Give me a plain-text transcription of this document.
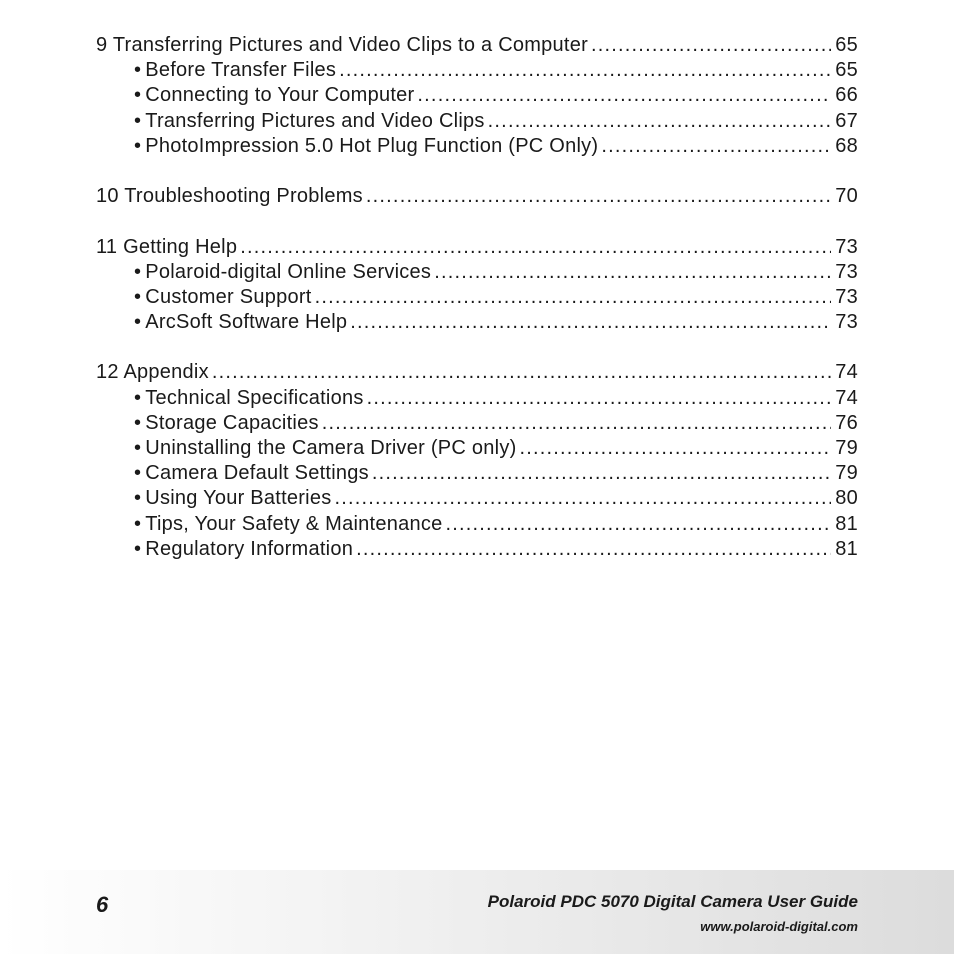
9 Transferring Pictures and Video Clips to a Computer .....	65
• Before Transfer Files .....	65
• Connecting to Your Computer .....	66
• Transferring Pictures and Video Clips .....	67
• PhotoImpression 5.0 Hot Plug Function (PC Only) .....	68
10 Troubleshooting Problems .....	70
11 Getting Help .....	73
• Polaroid-digital Online Services .....	73
• Customer Support .....	73
• ArcSoft Software Help .....	73
12 Appendix .....	74
• Technical Specifications .....	74
• Storage Capacities .....	76
• Uninstalling the Camera Driver (PC only) .....	79
• Camera Default Settings .....	79
• Using Your Batteries .....	80
• Tips, Your Safety & Maintenance .....	81
• Regulatory Information .....	81
6	Polaroid PDC 5070 Digital Camera User Guide
www.polaroid-digital.com
